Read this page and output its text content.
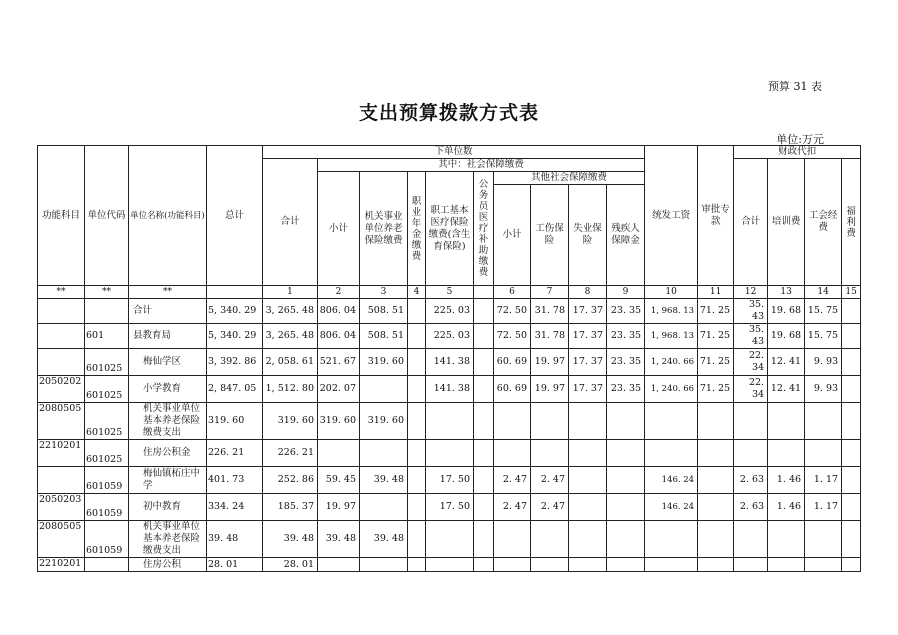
预算 31 表
支出预算拨款方式表
单位:万元
功能科目	单位代码	单位名称(功能科目)	总计	下单位数										统发工资	审批专款	财政代扣			
				合计	其中：社会保障缴费											合计	培训费	工会经费	福利费
					小计	机关事业单位养老保险缴费	职业年金缴费	职工基本医疗保险缴费(含生育保险)	公务员医疗补助缴费	其他社会保障缴费									
										小计	工伤保险	失业保险	残疾人保障金						
**	**	**		1	2	3	4	5		6	7	8	9	10	11	12	13	14	15
		合计	5, 340. 29	3, 265. 48	806. 04	508. 51		225. 03		72. 50	31. 78	17. 37	23. 35	1, 968. 13	71. 25	35. 43	19. 68	15. 75	
	601	县教育局	5, 340. 29	3, 265. 48	806. 04	508. 51		225. 03		72. 50	31. 78	17. 37	23. 35	1, 968. 13	71. 25	35. 43	19. 68	15. 75	
	601025	梅仙学区	3, 392. 86	2, 058. 61	521. 67	319. 60		141. 38		60. 69	19. 97	17. 37	23. 35	1, 240. 66	71. 25	22. 34	12. 41	9. 93	
2050202	601025	小学教育	2, 847. 05	1, 512. 80	202. 07			141. 38		60. 69	19. 97	17. 37	23. 35	1, 240. 66	71. 25	22. 34	12. 41	9. 93	
2080505	601025	机关事业单位基本养老保险缴费支出	319. 60	319. 60	319. 60	319. 60													
2210201	601025	住房公积金	226. 21	226. 21															
	601059	梅仙镇柘庄中学	401. 73	252. 86	59. 45	39. 48		17. 50		2. 47	2. 47			146. 24		2. 63	1. 46	1. 17	
2050203	601059	初中教育	334. 24	185. 37	19. 97			17. 50		2. 47	2. 47			146. 24		2. 63	1. 46	1. 17	
2080505	601059	机关事业单位基本养老保险缴费支出	39. 48	39. 48	39. 48	39. 48													
2210201		住房公积	28. 01	28. 01															
